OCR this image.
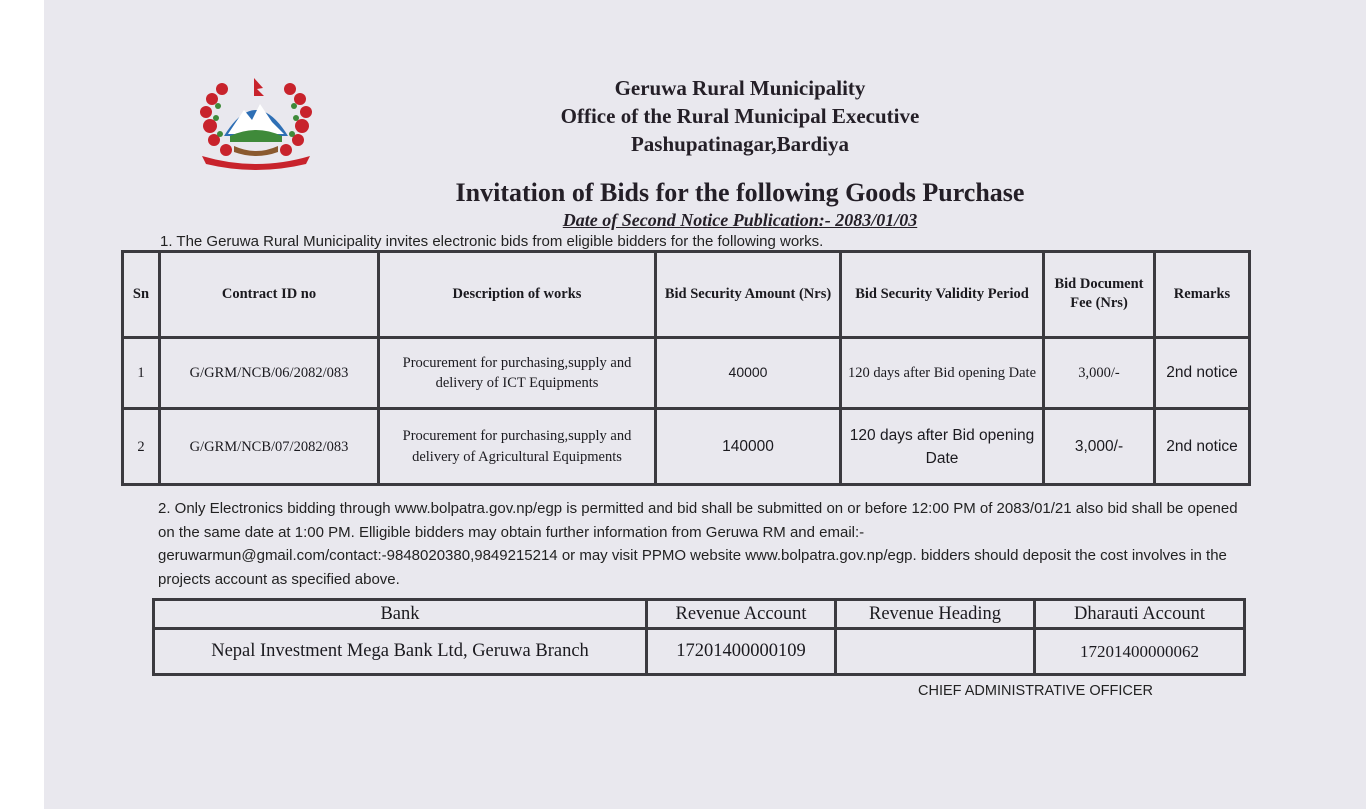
Geruwa Rural Municipality
Office of the Rural Municipal Executive
Pashupatinagar,Bardiya
Invitation of Bids for the following Goods Purchase
Date of Second Notice Publication:- 2083/01/03
1. The Geruwa Rural Municipality invites electronic bids from eligible bidders for the following works.
Sn	Contract ID no	Description of works	Bid Security Amount (Nrs)	Bid Security Validity Period	Bid Document Fee (Nrs)	Remarks
1	G/GRM/NCB/06/2082/083	Procurement for purchasing,supply and delivery of ICT Equipments	40000	120 days after Bid opening Date	3,000/-	2nd notice
2	G/GRM/NCB/07/2082/083	Procurement for purchasing,supply and delivery of Agricultural Equipments	140000	120 days after Bid opening Date	3,000/-	2nd notice
2. Only Electronics bidding through www.bolpatra.gov.np/egp is permitted and bid shall be submitted on or before 12:00 PM of 2083/01/21 also bid shall be opened on the same date at 1:00 PM. Elligible bidders may obtain further information from Geruwa RM and email:- geruwarmun@gmail.com/contact:-9848020380,9849215214 or may visit PPMO website www.bolpatra.gov.np/egp. bidders should deposit the cost involves in the projects account as specified above.
Bank	Revenue Account	Revenue Heading	Dharauti Account
Nepal Investment Mega Bank Ltd, Geruwa Branch	17201400000109		17201400000062
CHIEF ADMINISTRATIVE OFFICER
